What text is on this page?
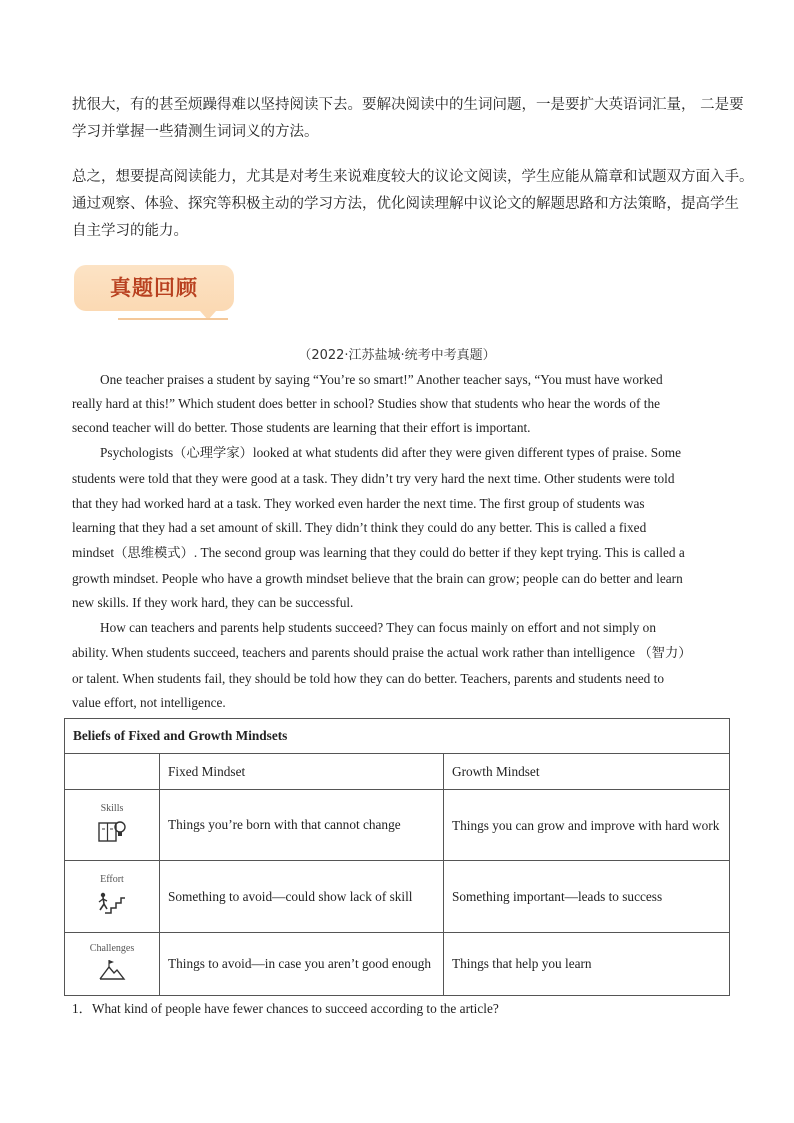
扰很大，有的甚至烦躁得难以坚持阅读下去。要解决阅读中的生词问题，一是要扩大英语词汇量， 二是要
学习并掌握一些猜测生词词义的方法。
总之，想要提高阅读能力，尤其是对考生来说难度较大的议论文阅读，学生应能从篇章和试题双方面入手。
通过观察、体验、探究等积极主动的学习方法，优化阅读理解中议论文的解题思路和方法策略，提高学生
自主学习的能力。
真题回顾
（2022·江苏盐城·统考中考真题）
One teacher praises a student by saying “You’re so smart!” Another teacher says, “You must have worked
really hard at this!” Which student does better in school? Studies show that students who hear the words of the
second teacher will do better. Those students are learning that their effort is important.
Psychologists（心理学家）looked at what students did after they were given different types of praise. Some
students were told that they were good at a task. They didn’t try very hard the next time. Other students were told
that they had worked hard at a task. They worked even harder the next time. The first group of students was
learning that they had a set amount of skill. They didn’t think they could do any better. This is called a fixed
mindset（思维模式）. The second group was learning that they could do better if they kept trying. This is called a
growth mindset. People who have a growth mindset believe that the brain can grow; people can do better and learn
new skills. If they work hard, they can be successful.
How can teachers and parents help students succeed? They can focus mainly on effort and not simply on
ability. When students succeed, teachers and parents should praise the actual work rather than intelligence （智力）
or talent. When students fail, they should be told how they can do better. Teachers, parents and students need to
value effort, not intelligence.
Beliefs of Fixed and Growth Mindsets		
	Fixed Mindset	Growth Mindset

Skills	Things you’re born with that cannot change	Things you can grow and improve with hard work

Effort	Something to avoid—could show lack of skill	Something important—leads to success

Challenges	Things to avoid—in case you aren’t good enough	Things that help you learn
1．What kind of people have fewer chances to succeed according to the article?
